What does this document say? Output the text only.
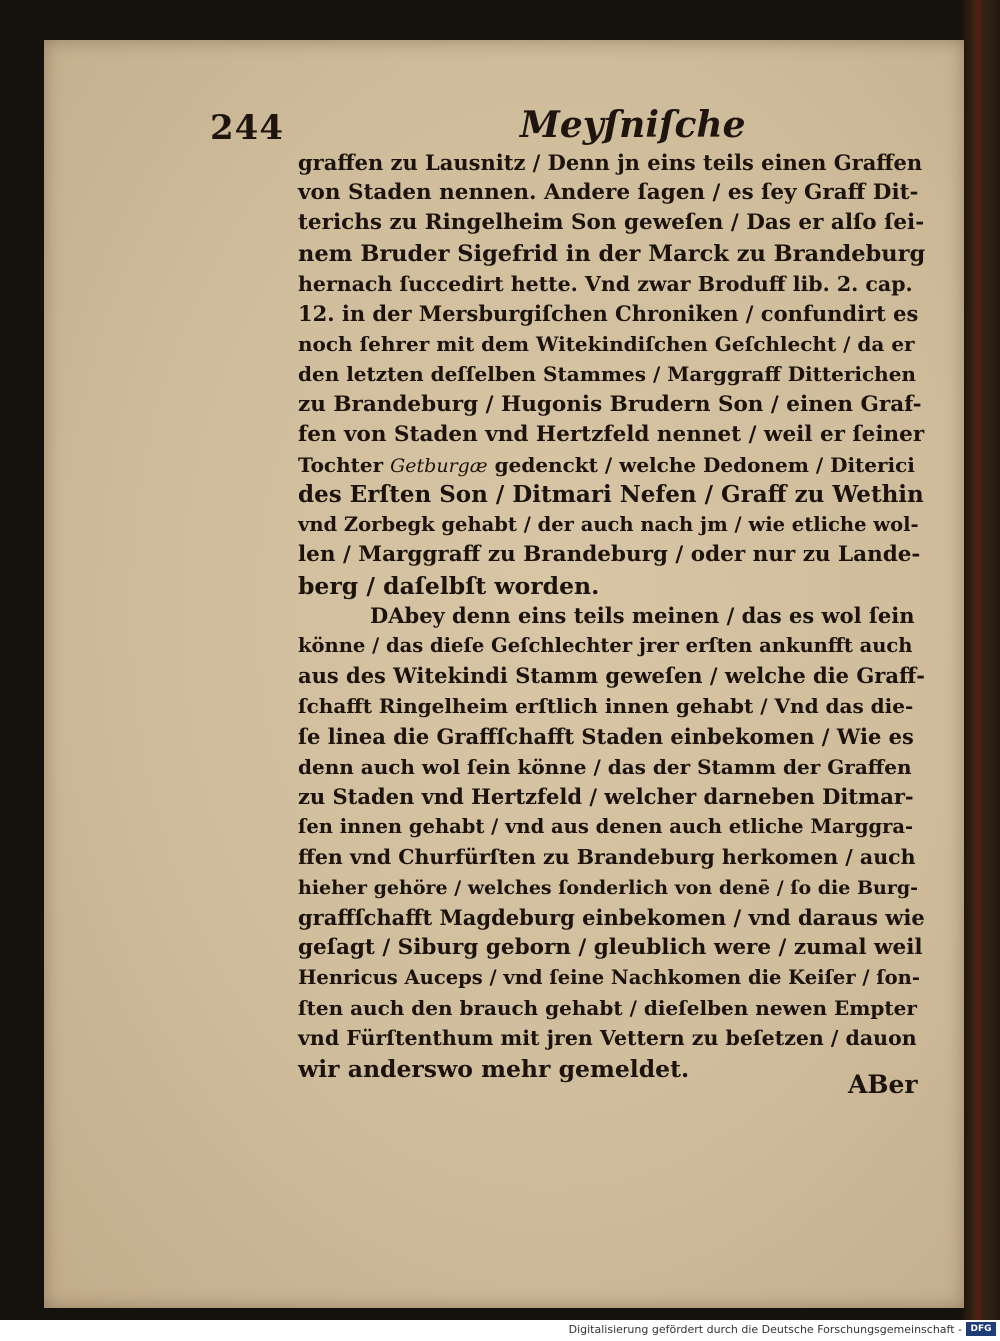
244	Meyſniſche
graffen zu Lausnitz / Denn jn eins teils einen Graffen
von Staden nennen. Andere ſagen / es ſey Graff Dit-
terichs zu Ringelheim Son geweſen / Das er alſo ſei-
nem Bruder Sigefrid in der Marck zu Brandeburg
hernach ſuccedirt hette. Vnd zwar Broduff lib. 2. cap.
12. in der Mersburgiſchen Chroniken / confundirt es
noch ſehrer mit dem Witekindiſchen Geſchlecht / da er
den letzten deſſelben Stammes / Marggraff Ditterichen
zu Brandeburg / Hugonis Brudern Son / einen Graf-
fen von Staden vnd Hertzfeld nennet / weil er ſeiner
Tochter Getburgæ gedenckt / welche Dedonem / Diterici
des Erſten Son / Ditmari Nefen / Graff zu Wethin
vnd Zorbegk gehabt / der auch nach jm / wie etliche wol-
len / Marggraff zu Brandeburg / oder nur zu Lande-
berg / daſelbſt worden.
DAbey denn eins teils meinen / das es wol ſein
könne / das dieſe Geſchlechter jrer erſten ankunfft auch
aus des Witekindi Stamm geweſen / welche die Graff-
ſchafft Ringelheim erſtlich innen gehabt / Vnd das die-
ſe linea die Graffſchafft Staden einbekomen / Wie es
denn auch wol ſein könne / das der Stamm der Graffen
zu Staden vnd Hertzfeld / welcher darneben Ditmar-
ſen innen gehabt / vnd aus denen auch etliche Marggra-
ffen vnd Churfürſten zu Brandeburg herkomen / auch
hieher gehöre / welches ſonderlich von denē / ſo die Burg-
graffſchafft Magdeburg einbekomen / vnd daraus wie
geſagt / Siburg geborn / gleublich were / zumal weil
Henricus Auceps / vnd ſeine Nachkomen die Keiſer / ſon-
ſten auch den brauch gehabt / dieſelben newen Empter
vnd Fürſtenthum mit jren Vettern zu beſetzen / dauon
wir anderswo mehr gemeldet.
ABer
Digitalisierung gefördert durch die Deutsche Forschungsgemeinschaft - DFG
